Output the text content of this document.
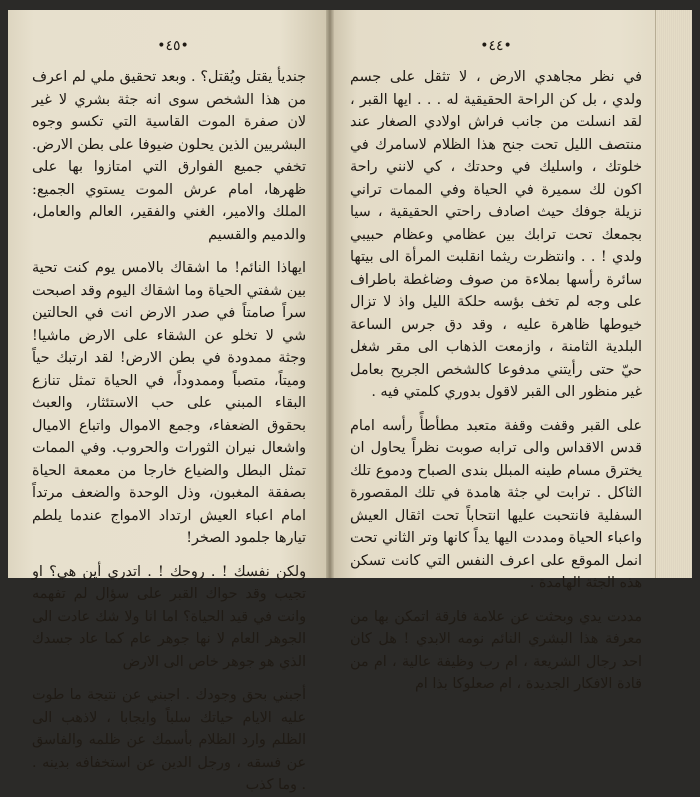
•٤٥•

جنديأ يقتل ويُقتل؟ . وبعد تحقيق ملي لم اعرف من هذا الشخص سوى انه جثة بشري لا غير لان صفرة الموت القاسية التي تكسو وجوه البشريين الذين يحلون ضيوفا على بطن الارض. تخفي جميع الفوارق التي امتازوا بها على ظهرها، امام عرش الموت يستوي الجميع: الملك والامير، الغني والفقير، العالم والعامل، والدميم والقسيم

ايهاذا النائم! ما اشقاك بالامس يوم كنت تحية بين شفتي الحياة وما اشقاك اليوم وقد اصبحت سراً صامتاً في صدر الارض انت في الحالتين شي لا تخلو عن الشقاء على الارض ماشيا! وجثة ممدودة في بطن الارض! لقد ارتبك حياً وميتاً، متصباً وممدوداً، في الحياة تمثل تنازع البقاء المبني على حب الاستئثار، والعبث بحقوق الضعفاء، وجمع الاموال واتباع الاميال واشعال نيران الثورات والحروب. وفي الممات تمثل البطل والضياع خارجا من معمعة الحياة بصفقة المغبون، وذل الوحدة والضعف مرتداً امام اعباء العيش ارتداد الامواج عندما يلطم تيارها جلمود الصخر!

ولكن نفسك ! . روحك ! . اتدري أين هي؟ او تجيب وقد حواك القبر على سؤال لم تفهمه وانت في قيد الحياة؟ اما انا ولا شك عادت الى الجوهر العام لا نها جوهر عام كما عاد جسدك الذي هو جوهر خاص الى الارض

أجبني بحق وجودك . اجبني عن نتيجة ما طوت عليه الايام حياتك سلباً وايجابا ، لاذهب الى الظلم وارد الظلام بأسمك عن ظلمه والفاسق عن فسقه ، ورجل الدين عن استخفافه بدينه . . وما كذب

•٤٤•

في نظر مجاهدي الارض ، لا تثقل على جسم ولدي ، بل كن الراحة الحقيقية له . . . ايها القبر ، لقد انسلت من جانب فراش اولادي الصغار عند منتصف الليل تحت جنح هذا الظلام لاسامرك في خلوتك ، واسليك في وحدتك ، كي لانني راحة اكون لك سميرة في الحياة وفي الممات تراني نزيلة جوفك حيث اصادف راحتي الحقيقية ، سيا بجمعك تحت ترابك بين عظامي وعظام حبيبي ولدي ! . . وانتظرت ريثما انقلبت المرأة الى بيتها سائرة رأسها بملاءة من صوف وضاغطة باطراف على وجه لم تخف بؤسه حلكة الليل واذ لا تزال خيوطها ظاهرة عليه ، وقد دق جرس الساعة البلدية الثامنة ، وازمعت الذهاب الى مقر شغل حيّ حتى رأيتني مدفوعا كالشخص الجريح بعامل غير منظور الى القبر لاقول بدوري كلمتي فيه .

على القبر وقفت وقفة متعبد مطأطأً رأسه امام قدس الاقداس والى ترابه صوبت نظراً يحاول ان يخترق مسام طينه المبلل بندى الصباح ودموع تلك الثاكل . ترابت لي جثة هامدة في تلك المقصورة السفلية فانتحبت عليها انتحاباً تحت اثقال العيش واعباء الحياة ومددت اليها يداً كانها وتر الثاني تحت انمل الموقع على اعرف النفس التي كانت تسكن هذه الجثة الهامدة .

مددت يدي وبحثت عن علامة فارقة اتمكن بها من معرفة هذا البشري النائم نومه الابدي ! هل كان احد رجال الشريعة ، ام رب وظيفة عالية ، ام من قادة الافكار الجديدة ، ام صعلوكا بذا ام
